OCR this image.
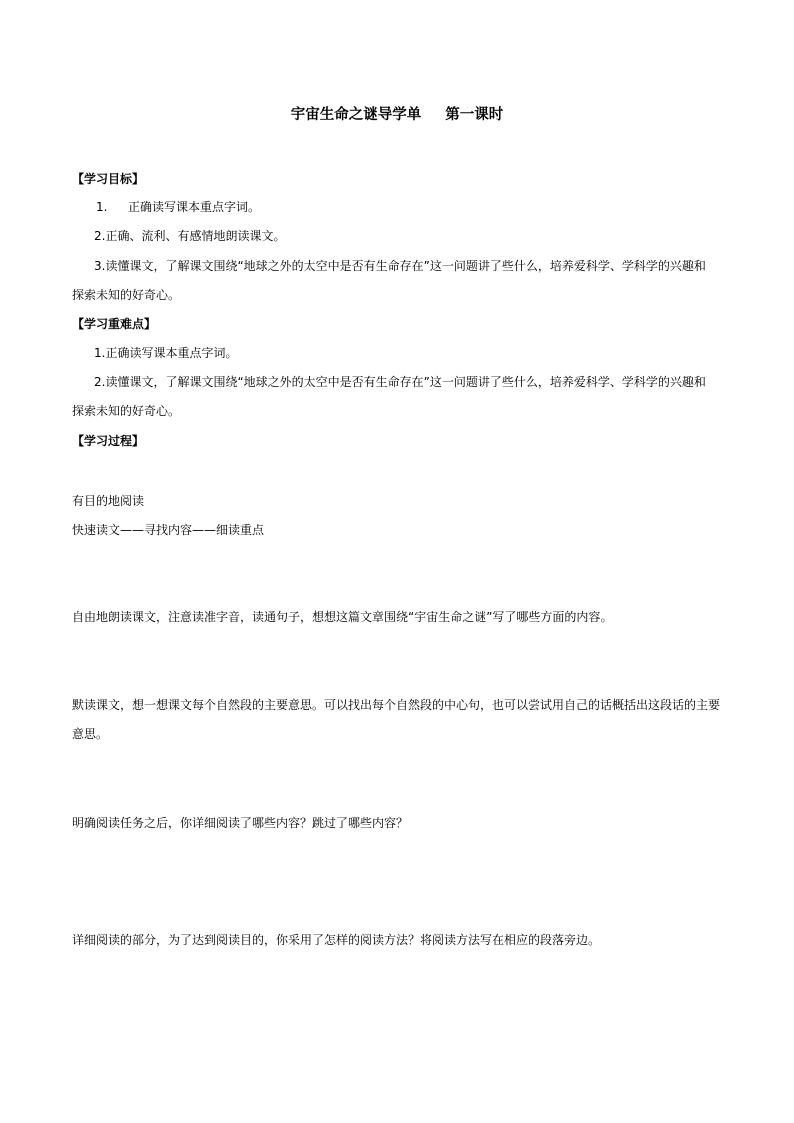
宇宙生命之谜导学单 第一课时
【学习目标】
1. 正确读写课本重点字词。
2.正确、流利、有感情地朗读课文。
3.读懂课文，了解课文围绕“地球之外的太空中是否有生命存在”这一问题讲了些什么，培养爱科学、学科学的兴趣和
探索未知的好奇心。
【学习重难点】
1.正确读写课本重点字词。
2.读懂课文，了解课文围绕“地球之外的太空中是否有生命存在”这一问题讲了些什么，培养爱科学、学科学的兴趣和
探索未知的好奇心。
【学习过程】
有目的地阅读
快速读文——寻找内容——细读重点
自由地朗读课文，注意读准字音，读通句子，想想这篇文章围绕“宇宙生命之谜”写了哪些方面的内容。
默读课文，想一想课文每个自然段的主要意思。可以找出每个自然段的中心句，也可以尝试用自己的话概括出这段话的主要
意思。
明确阅读任务之后，你详细阅读了哪些内容？跳过了哪些内容？
详细阅读的部分，为了达到阅读目的，你采用了怎样的阅读方法？将阅读方法写在相应的段落旁边。
